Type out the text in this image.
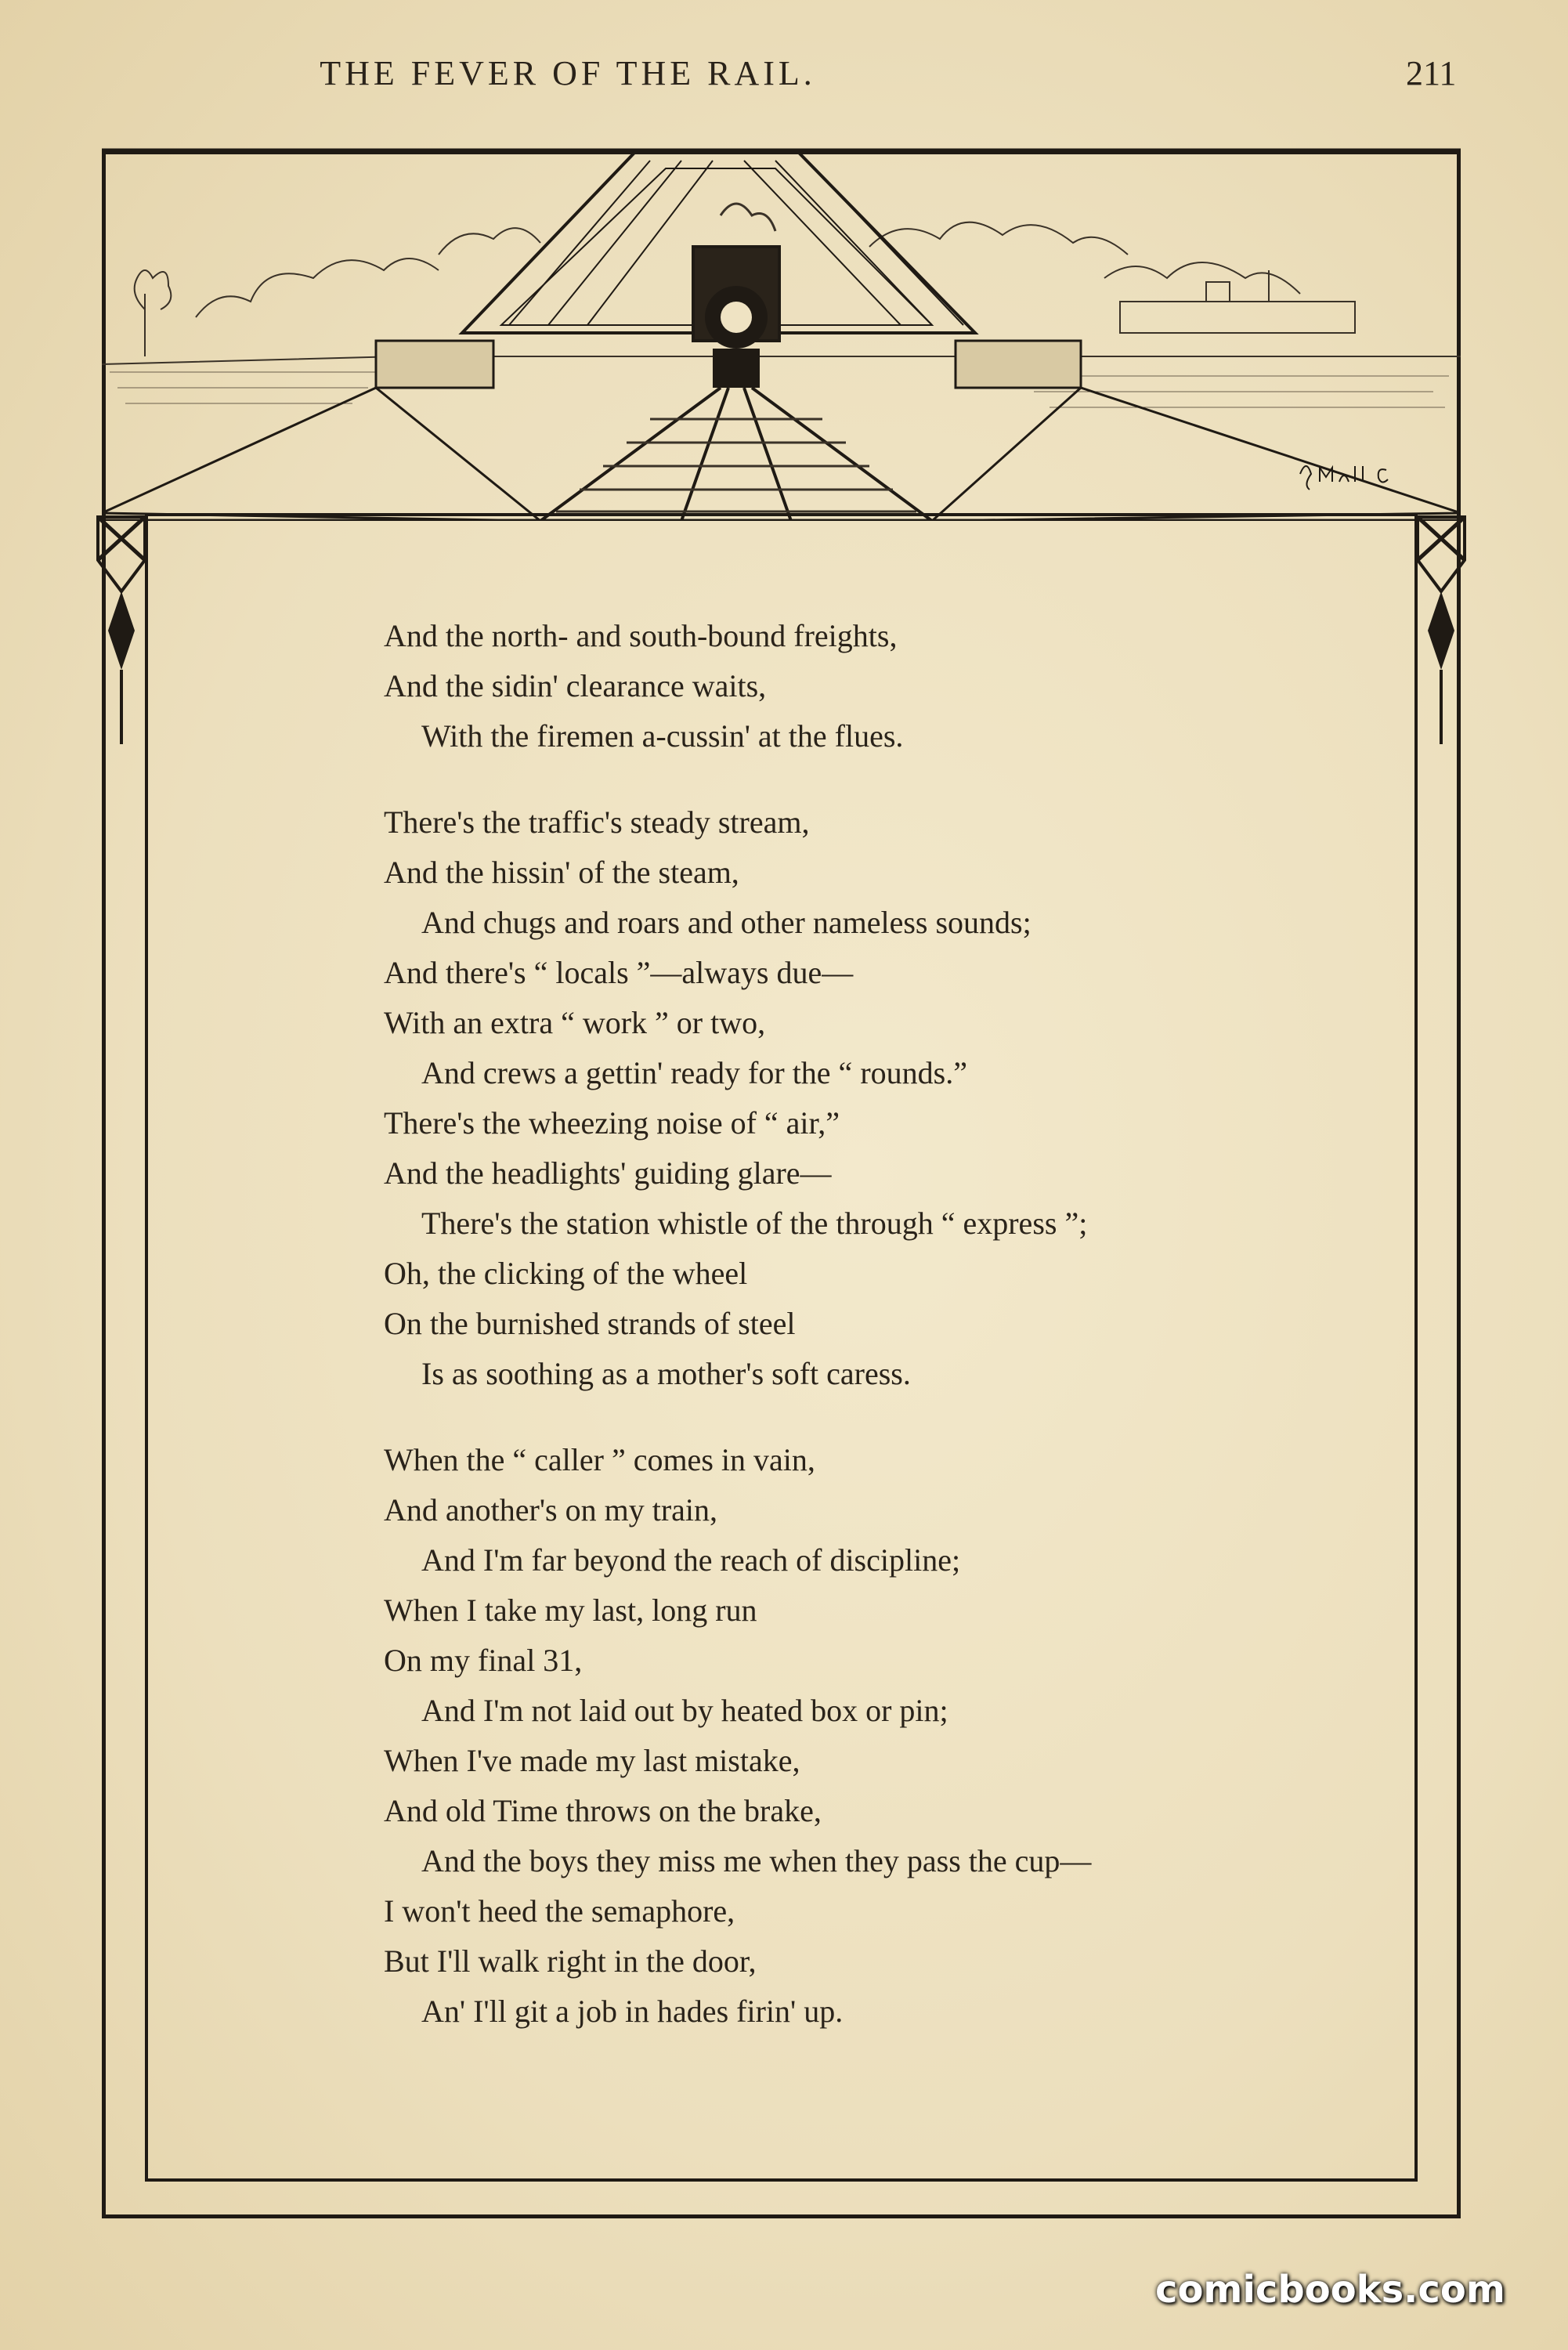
THE FEVER OF THE RAIL.	211
And the north- and south-bound freights,
And the sidin' clearance waits,
With the firemen a-cussin' at the flues.
There's the traffic's steady stream,
And the hissin' of the steam,
And chugs and roars and other nameless sounds;
And there's “ locals ”—always due—
With an extra “ work ” or two,
And crews a gettin' ready for the “ rounds.”
There's the wheezing noise of “ air,”
And the headlights' guiding glare—
There's the station whistle of the through “ express ”;
Oh, the clicking of the wheel
On the burnished strands of steel
Is as soothing as a mother's soft caress.
When the “ caller ” comes in vain,
And another's on my train,
And I'm far beyond the reach of discipline;
When I take my last, long run
On my final 31,
And I'm not laid out by heated box or pin;
When I've made my last mistake,
And old Time throws on the brake,
And the boys they miss me when they pass the cup—
I won't heed the semaphore,
But I'll walk right in the door,
An' I'll git a job in hades firin' up.
comicbooks.com
